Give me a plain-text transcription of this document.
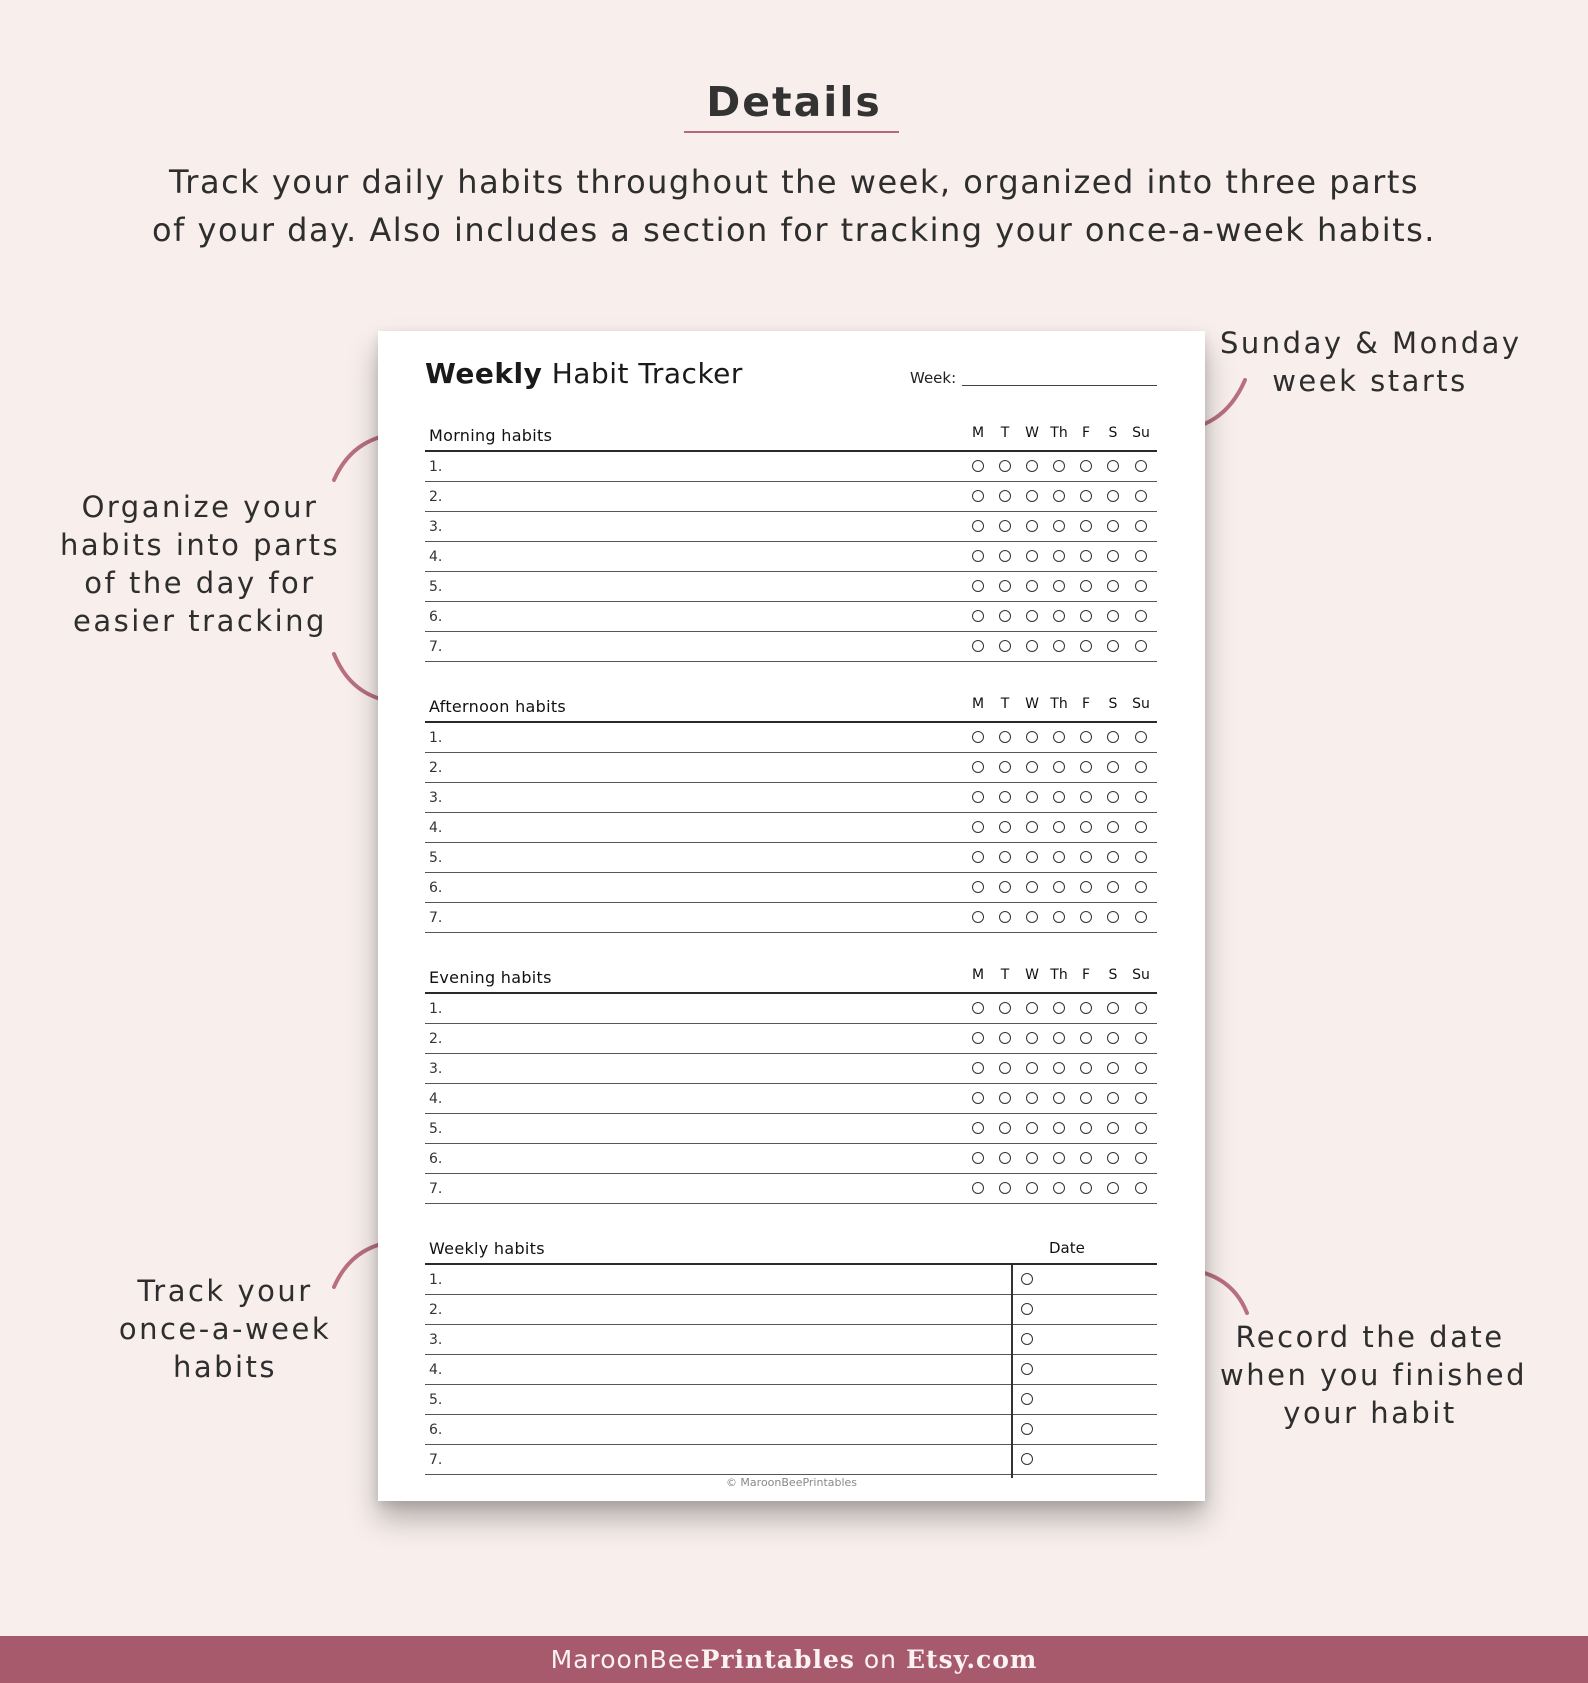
Details
Track your daily habits throughout the week, organized into three parts
of your day. Also includes a section for tracking your once-a-week habits.
Organize your
habits into parts
of the day for
easier tracking
Sunday & Monday
week starts
Track your
once-a-week
habits
Record the date
when you finished
your habit
Weekly Habit Tracker	Week:
Morning habits	M	T	W Th	F	S	Su
1.
2.
3.
4.
5.
6.
7.
Afternoon habits	M	T	W Th	F	S	Su
1.
2.
3.
4.
5.
6.
7.
Evening habits	M	T	W Th	F	S	Su
1.
2.
3.
4.
5.
6.
7.
Weekly habits	Date
1.
2.
3.
4.
5.
6.
7.
© MaroonBeePrintables
MaroonBeePrintables on Etsy.com
